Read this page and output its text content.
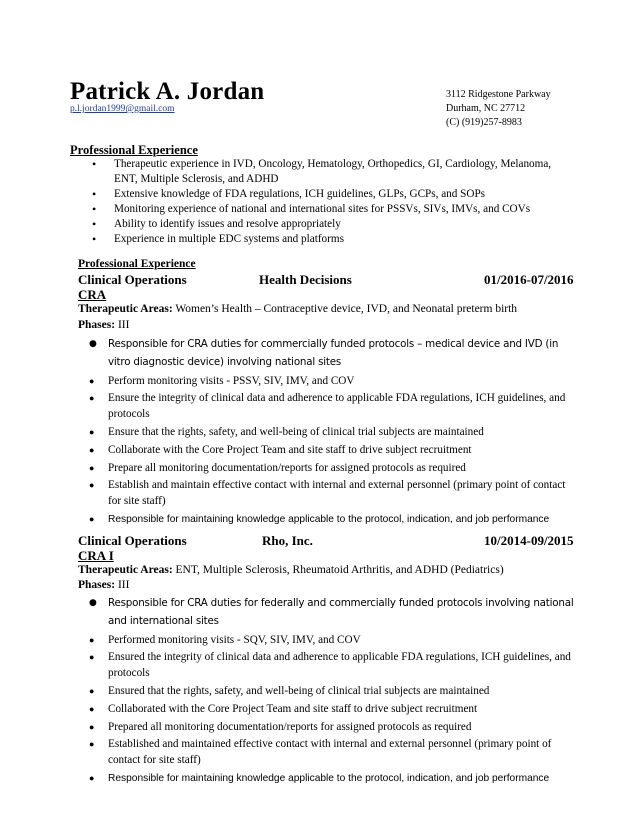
Patrick A. Jordan
p.l.jordan1999@gmail.com
3112 Ridgestone Parkway
Durham, NC 27712
(C) (919)257-8983
Professional Experience
• Therapeutic experience in IVD, Oncology, Hematology, Orthopedics, GI, Cardiology, Melanoma, ENT, Multiple Sclerosis, and ADHD
• Extensive knowledge of FDA regulations, ICH guidelines, GLPs, GCPs, and SOPs
• Monitoring experience of national and international sites for PSSVs, SIVs, IMVs, and COVs
• Ability to identify issues and resolve appropriately
• Experience in multiple EDC systems and platforms
Professional Experience
Clinical Operations	Health Decisions	01/2016-07/2016
CRA
Therapeutic Areas: Women’s Health – Contraceptive device, IVD, and Neonatal preterm birth
Phases: III
● Responsible for CRA duties for commercially funded protocols – medical device and IVD (in vitro diagnostic device) involving national sites
● Perform monitoring visits - PSSV, SIV, IMV, and COV
● Ensure the integrity of clinical data and adherence to applicable FDA regulations, ICH guidelines, and protocols
● Ensure that the rights, safety, and well-being of clinical trial subjects are maintained
● Collaborate with the Core Project Team and site staff to drive subject recruitment
● Prepare all monitoring documentation/reports for assigned protocols as required
● Establish and maintain effective contact with internal and external personnel (primary point of contact for site staff)
● Responsible for maintaining knowledge applicable to the protocol, indication, and job performance
Clinical Operations	Rho, Inc.	10/2014-09/2015
CRA I
Therapeutic Areas: ENT, Multiple Sclerosis, Rheumatoid Arthritis, and ADHD (Pediatrics)
Phases: III
● Responsible for CRA duties for federally and commercially funded protocols involving national and international sites
● Performed monitoring visits - SQV, SIV, IMV, and COV
● Ensured the integrity of clinical data and adherence to applicable FDA regulations, ICH guidelines, and protocols
● Ensured that the rights, safety, and well-being of clinical trial subjects are maintained
● Collaborated with the Core Project Team and site staff to drive subject recruitment
● Prepared all monitoring documentation/reports for assigned protocols as required
● Established and maintained effective contact with internal and external personnel (primary point of contact for site staff)
● Responsible for maintaining knowledge applicable to the protocol, indication, and job performance
